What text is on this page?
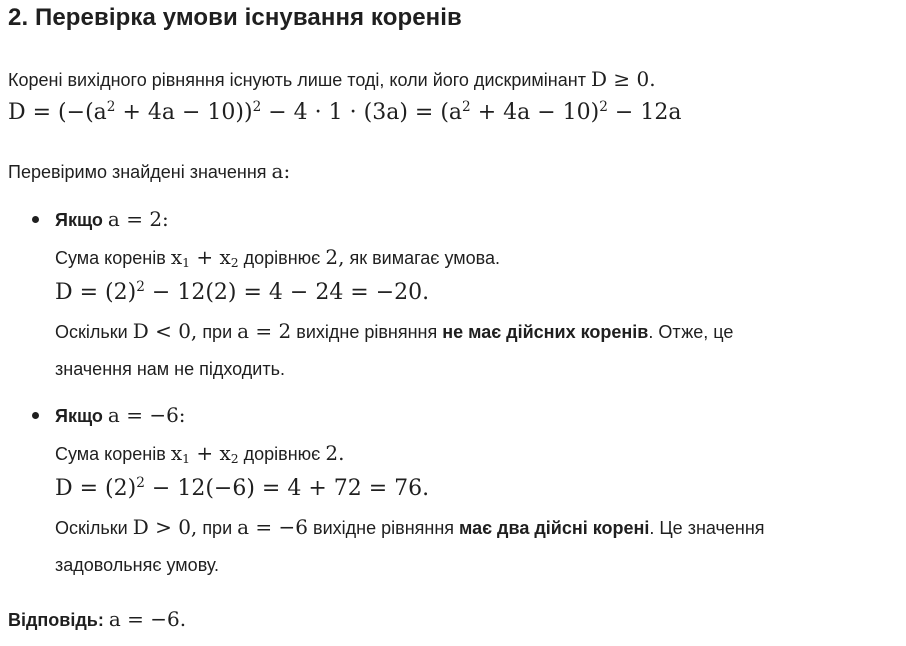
2. Перевірка умови існування коренів
Корені вихідного рівняння існують лише тоді, коли його дискримінант D ≥ 0.
$D = (-(a^2 + 4a - 10))^2 - 4 \cdot 1 \cdot (3a) = (a^2 + 4a - 10)^2 - 12a$
Перевіримо знайдені значення a:
Якщо a = 2:
Сума коренів $x_1 + x_2$ дорівнює 2, як вимагає умова.
$D = (2)^2 - 12(2) = 4 - 24 = -20$.
Оскільки D < 0, при a = 2 вихідне рівняння не має дійсних коренів. Отже, це
значення нам не підходить.
Якщо a = −6:
Сума коренів $x_1 + x_2$ дорівнює 2.
$D = (2)^2 - 12(-6) = 4 + 72 = 76$.
Оскільки D > 0, при a = −6 вихідне рівняння має два дійсні корені. Це значення
задовольняє умову.
Відповідь: a = −6.
